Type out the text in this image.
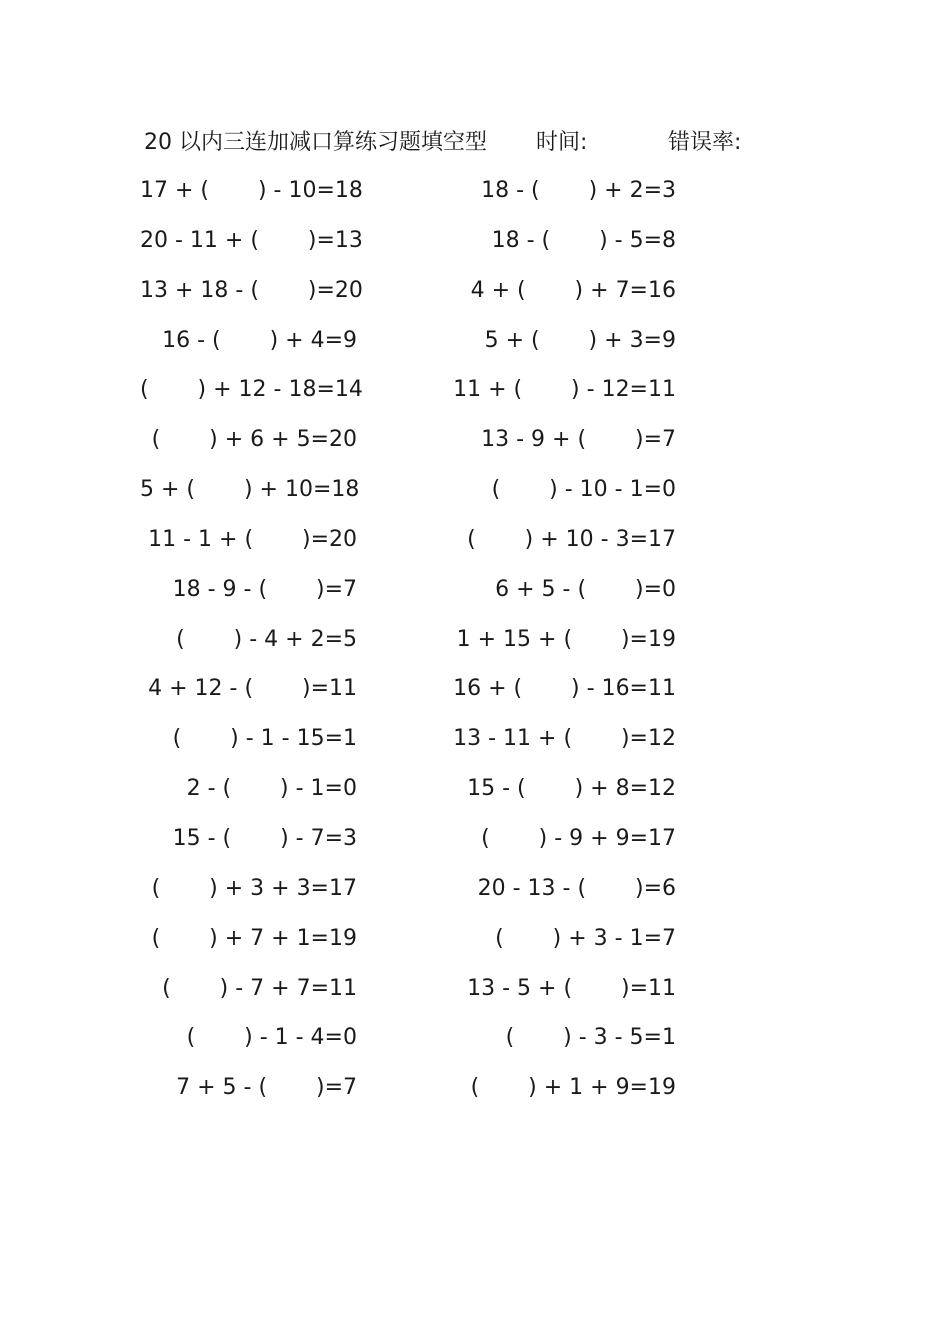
20 以内三连加减口算练习题填空型 时间:	错误率:
17 + (       ) - 10=18	18 - (       ) + 2=3
20 - 11 + (       )=13	18 - (       ) - 5=8
13 + 18 - (       )=20	4 + (       ) + 7=16
16 - (       ) + 4=9	5 + (       ) + 3=9
(       ) + 12 - 18=14	11 + (       ) - 12=11
(       ) + 6 + 5=20	13 - 9 + (       )=7
5 + (       ) + 10=18	(       ) - 10 - 1=0
11 - 1 + (       )=20	(       ) + 10 - 3=17
18 - 9 - (       )=7	6 + 5 - (       )=0
(       ) - 4 + 2=5	1 + 15 + (       )=19
4 + 12 - (       )=11	16 + (       ) - 16=11
(       ) - 1 - 15=1	13 - 11 + (       )=12
2 - (       ) - 1=0	15 - (       ) + 8=12
15 - (       ) - 7=3	(       ) - 9 + 9=17
(       ) + 3 + 3=17	20 - 13 - (       )=6
(       ) + 7 + 1=19	(       ) + 3 - 1=7
(       ) - 7 + 7=11	13 - 5 + (       )=11
(       ) - 1 - 4=0	(       ) - 3 - 5=1
7 + 5 - (       )=7	(       ) + 1 + 9=19
